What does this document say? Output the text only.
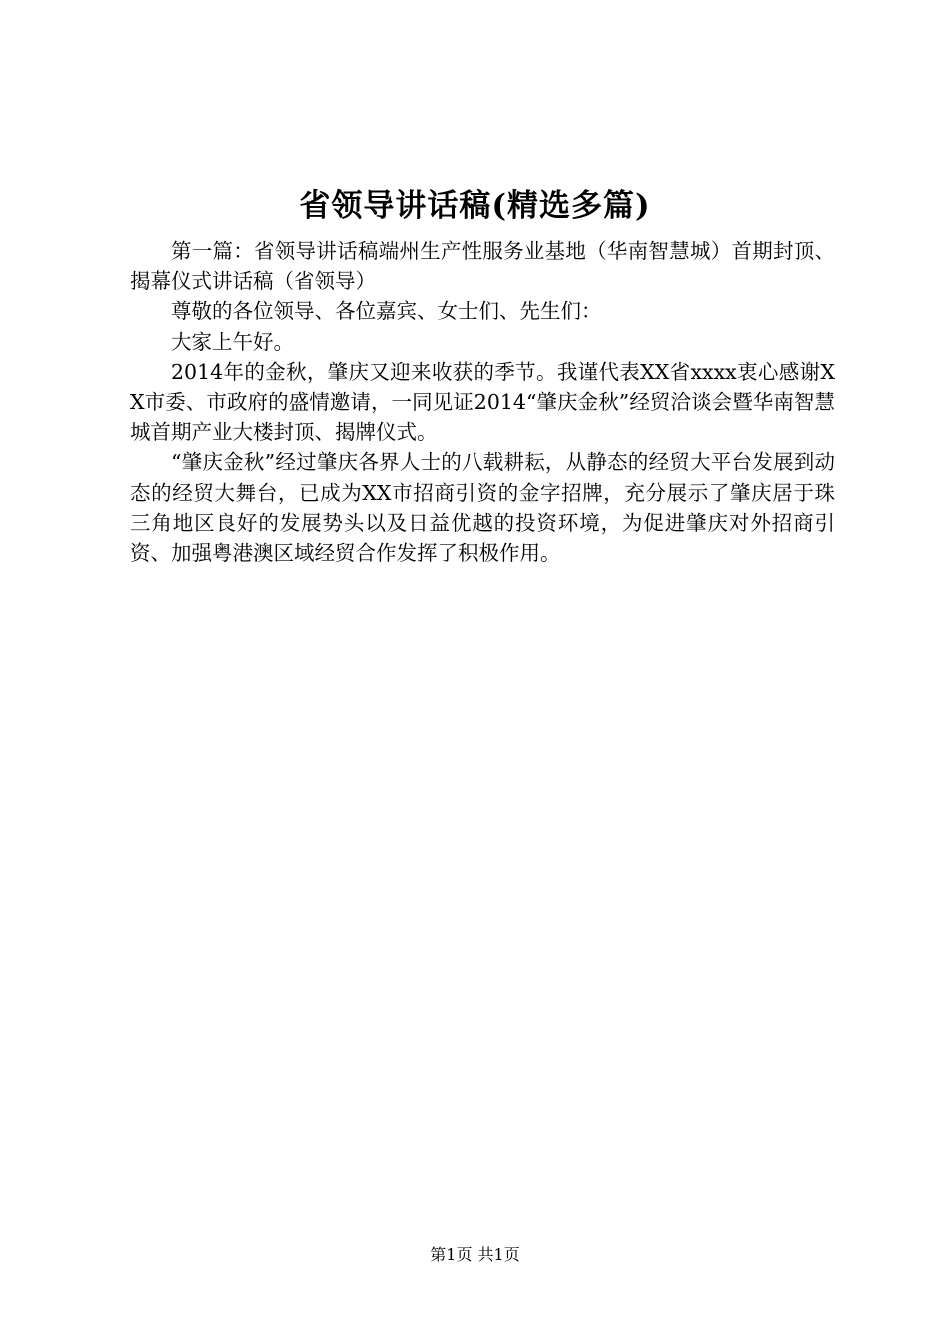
省领导讲话稿(精选多篇)

第一篇：省领导讲话稿端州生产性服务业基地（华南智慧城）首期封顶、揭幕仪式讲话稿（省领导）

尊敬的各位领导、各位嘉宾、女士们、先生们：

大家上午好。

2014年的金秋，肇庆又迎来收获的季节。我谨代表XX省xxxx衷心感谢XX市委、市政府的盛情邀请，一同见证2014“肇庆金秋”经贸洽谈会暨华南智慧城首期产业大楼封顶、揭牌仪式。

“肇庆金秋”经过肇庆各界人士的八载耕耘，从静态的经贸大平台发展到动态的经贸大舞台，已成为XX市招商引资的金字招牌，充分展示了肇庆居于珠三角地区良好的发展势头以及日益优越的投资环境，为促进肇庆对外招商引资、加强粤港澳区域经贸合作发挥了积极作用。

第1页 共1页
